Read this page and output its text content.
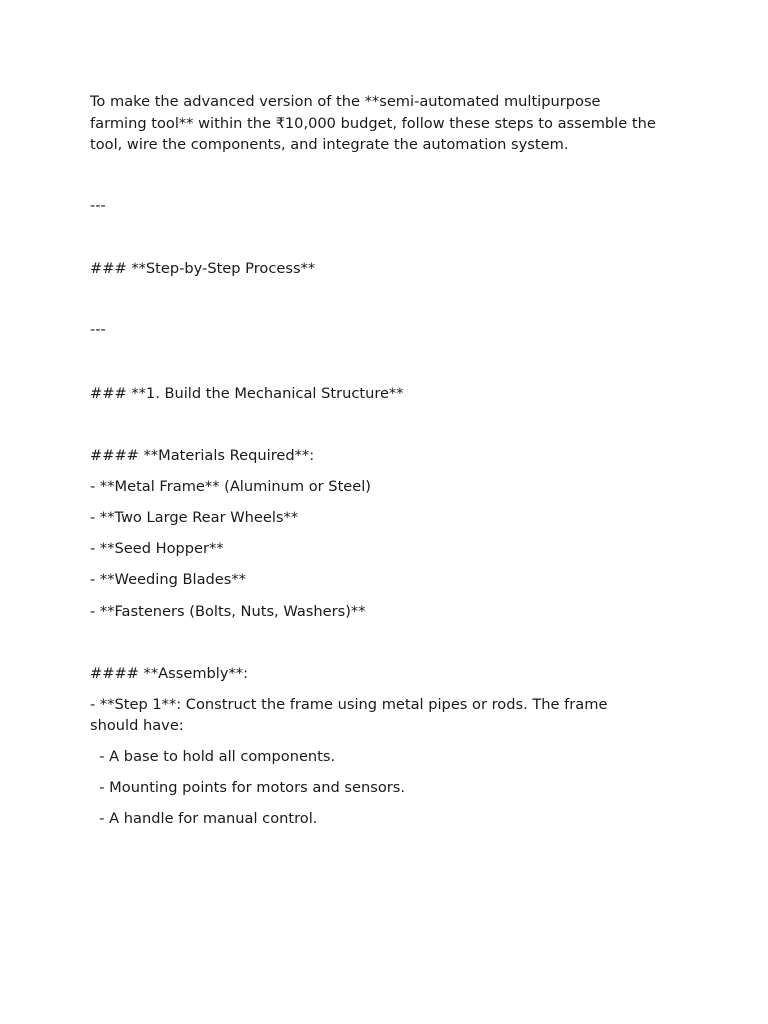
To make the advanced version of the **semi-automated multipurpose

farming tool** within the ₹10,000 budget, follow these steps to assemble the

tool, wire the components, and integrate the automation system.

---

### **Step-by-Step Process**

---

### **1. Build the Mechanical Structure**

#### **Materials Required**:

- **Metal Frame** (Aluminum or Steel)

- **Two Large Rear Wheels**

- **Seed Hopper**

- **Weeding Blades**

- **Fasteners (Bolts, Nuts, Washers)**

#### **Assembly**:

- **Step 1**: Construct the frame using metal pipes or rods. The frame

should have:

- A base to hold all components.

- Mounting points for motors and sensors.

- A handle for manual control.
